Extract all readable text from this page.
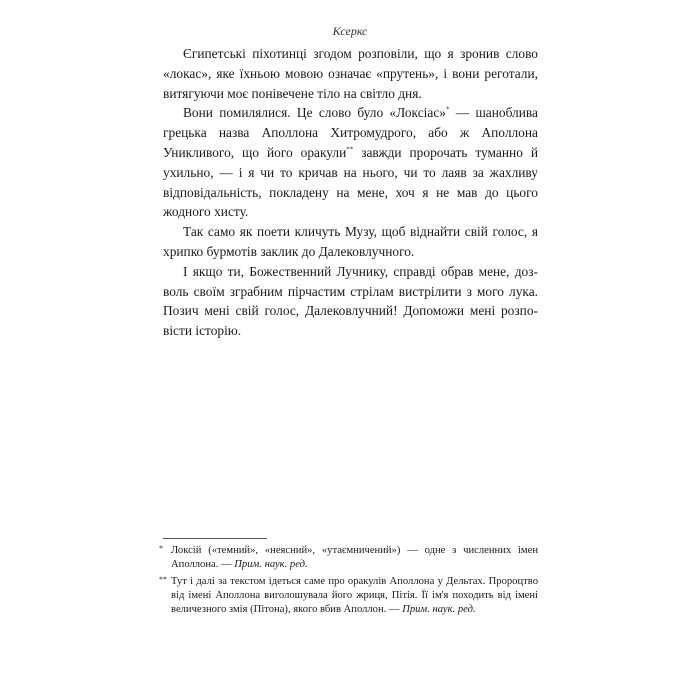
Ксеркс

Єгипетські піхотинці згодом розповіли, що я зронив слово «локас», яке їхньою мовою означає «прутень», і вони реготали, витягуючи моє понівечене тіло на світло дня.

Вони помилялися. Це слово було «Локсіас»* — шаноблива грецька назва Аполлона Хитромудрого, або ж Аполлона Уникливого, що його оракули** завжди пророчать туманно й ухильно, — і я чи то кричав на нього, чи то лаяв за жахливу відповідальність, покладену на мене, хоч я не мав до цього жодного хисту.

Так само як поети кличуть Музу, щоб віднайти свій голос, я хрипко бурмотів заклик до Далековлучного.

І якщо ти, Божественний Лучнику, справді обрав мене, дозволь своїм зграбним пірчастим стрілам вистрілити з мого лука. Позич мені свій голос, Далековлучний! Допоможи мені розповісти історію.

* Локсій («темний», «неясний», «утаємничений») — одне з численних імен Аполлона. — Прим. наук. ред.
** Тут і далі за текстом ідеться саме про оракулів Аполлона у Дельтах. Пророцтво від імені Аполлона виголошувала його жриця, Пітія. Її ім'я походить від імені величезного змія (Пітона), якого вбив Аполлон. — Прим. наук. ред.
